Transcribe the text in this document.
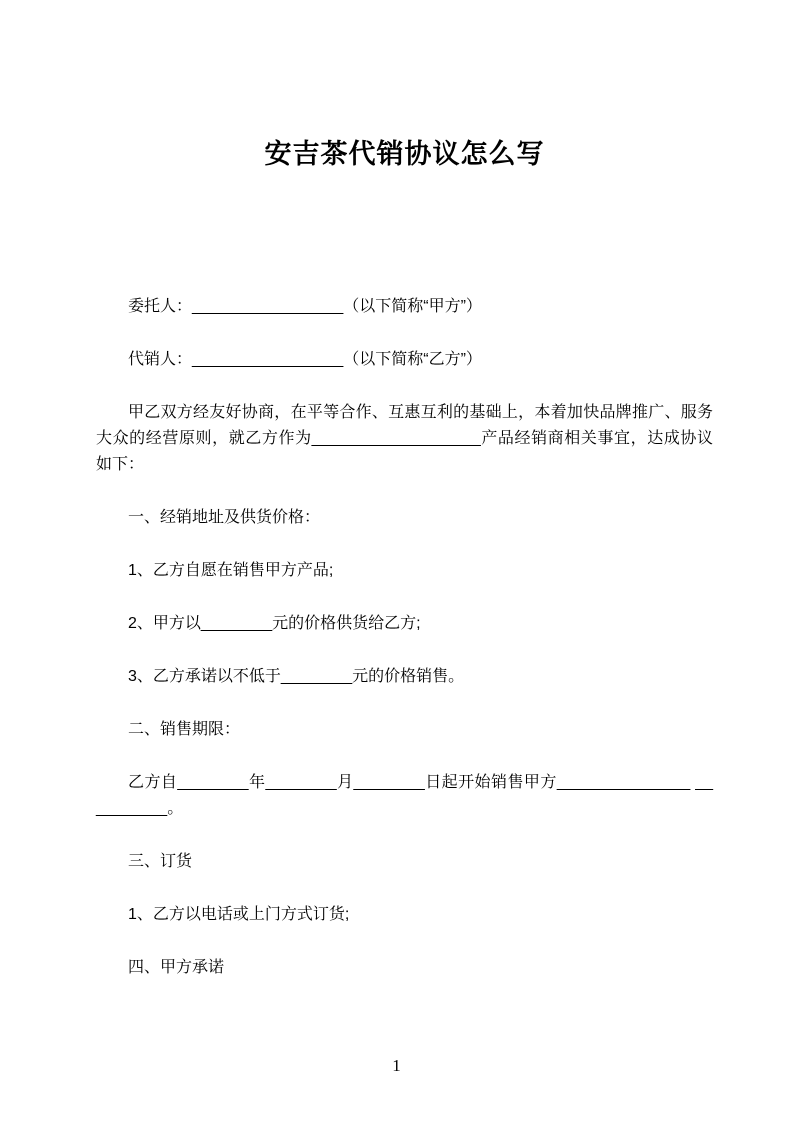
安吉茶代销协议怎么写

委托人：_________________（以下简称“甲方”）

代销人：_________________（以下简称“乙方”）

甲乙双方经友好协商，在平等合作、互惠互利的基础上，本着加快品牌推广、服务大众的经营原则，就乙方作为___________________产品经销商相关事宜，达成协议如下：

一、经销地址及供货价格：

1、乙方自愿在销售甲方产品;

2、甲方以________元的价格供货给乙方;

3、乙方承诺以不低于________元的价格销售。

二、销售期限：

乙方自________年________月________日起开始销售甲方_______________ __________。

三、订货

1、乙方以电话或上门方式订货;

四、甲方承诺

1
